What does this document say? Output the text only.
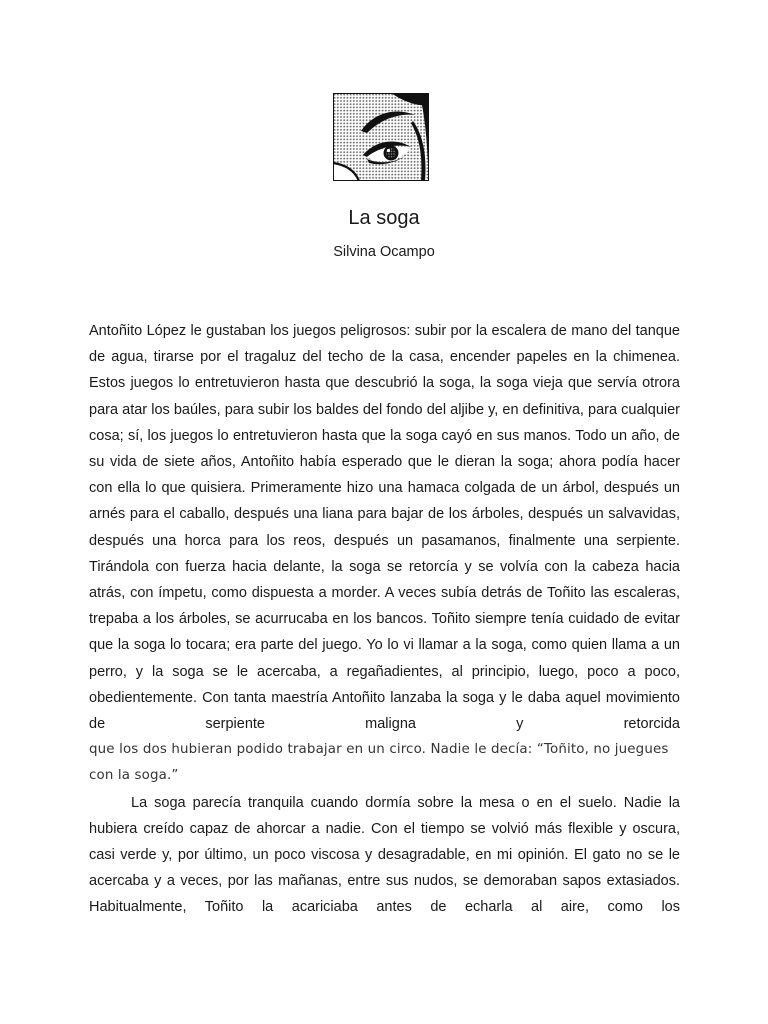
La soga

Silvina Ocampo

Antoñito López le gustaban los juegos peligrosos: subir por la escalera de mano del tanque de agua, tirarse por el tragaluz del techo de la casa, encender papeles en la chimenea. Estos juegos lo entretuvieron hasta que descubrió la soga, la soga vieja que servía otrora para atar los baúles, para subir los baldes del fondo del aljibe y, en definitiva, para cualquier cosa; sí, los juegos lo entretuvieron hasta que la soga cayó en sus manos. Todo un año, de su vida de siete años, Antoñito había esperado que le dieran la soga; ahora podía hacer con ella lo que quisiera. Primeramente hizo una hamaca colgada de un árbol, después un arnés para el caballo, después una liana para bajar de los árboles, después un salvavidas, después una horca para los reos, después un pasamanos, finalmente una serpiente. Tirándola con fuerza hacia delante, la soga se retorcía y se volvía con la cabeza hacia atrás, con ímpetu, como dispuesta a morder. A veces subía detrás de Toñito las escaleras, trepaba a los árboles, se acurrucaba en los bancos. Toñito siempre tenía cuidado de evitar que la soga lo tocara; era parte del juego. Yo lo vi llamar a la soga, como quien llama a un perro, y la soga se le acercaba, a regañadientes, al principio, luego, poco a poco, obedientemente. Con tanta maestría Antoñito lanzaba la soga y le daba aquel movimiento de serpiente maligna y retorcida

que los dos hubieran podido trabajar en un circo. Nadie le decía: “Toñito, no juegues con la soga.”

La soga parecía tranquila cuando dormía sobre la mesa o en el suelo. Nadie la hubiera creído capaz de ahorcar a nadie. Con el tiempo se volvió más flexible y oscura, casi verde y, por último, un poco viscosa y desagradable, en mi opinión. El gato no se le acercaba y a veces, por las mañanas, entre sus nudos, se demoraban sapos extasiados. Habitualmente, Toñito la acariciaba antes de echarla al aire, como los
